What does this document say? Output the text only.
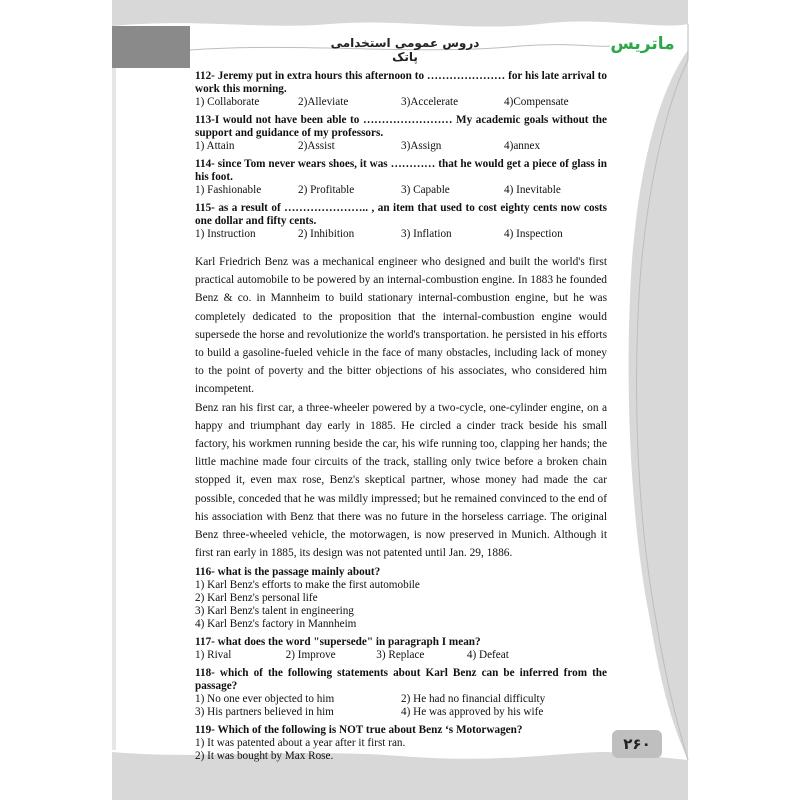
دروس عمومی استخدامی پاتک
ماتریس
۲۶۰
112- Jeremy put in extra hours this afternoon to ………………… for his late arrival to work this morning.
1) Collaborate	2)Alleviate	3)Accelerate	4)Compensate
113-I would not have been able to …………………… My academic goals without the support and guidance of my professors.
1) Attain	2)Assist	3)Assign	4)annex
114- since Tom never wears shoes, it was ………… that he would get a piece of glass in his foot.
1) Fashionable	2) Profitable	3) Capable	4) Inevitable
115- as a result of ………………….. , an item that used to cost eighty cents now costs one dollar and fifty cents.
1) Instruction	2) Inhibition	3) Inflation	4) Inspection

Karl Friedrich Benz was a mechanical engineer who designed and built the world's first practical automobile to be powered by an internal-combustion engine. In 1883 he founded Benz & co. in Mannheim to build stationary internal-combustion engine, but he was completely dedicated to the proposition that the internal-combustion engine would supersede the horse and revolutionize the world's transportation. he persisted in his efforts to build a gasoline-fueled vehicle in the face of many obstacles, including lack of money to the point of poverty and the bitter objections of his associates, who considered him incompetent.

Benz ran his first car, a three-wheeler powered by a two-cycle, one-cylinder engine, on a happy and triumphant day early in 1885. He circled a cinder track beside his small factory, his workmen running beside the car, his wife running too, clapping her hands; the little machine made four circuits of the track, stalling only twice before a broken chain stopped it, even max rose, Benz's skeptical partner, whose money had made the car possible, conceded that he was mildly impressed; but he remained convinced to the end of his association with Benz that there was no future in the horseless carriage. The original Benz three-wheeled vehicle, the motorwagen, is now preserved in Munich. Although it first ran early in 1885, its design was not patented until Jan. 29, 1886.

116- what is the passage mainly about?
1) Karl Benz's efforts to make the first automobile
2) Karl Benz's personal life
3) Karl Benz's talent in engineering
4) Karl Benz's factory in Mannheim
117- what does the word "supersede" in paragraph I mean?
1) Rival	2) Improve	3) Replace	4) Defeat
118- which of the following statements about Karl Benz can be inferred from the passage?
1) No one ever objected to him	2) He had no financial difficulty
3) His partners believed in him	4) He was approved by his wife
119- Which of the following is NOT true about Benz ‘s Motorwagen?
1) It was patented about a year after it first ran.
2) It was bought by Max Rose.
